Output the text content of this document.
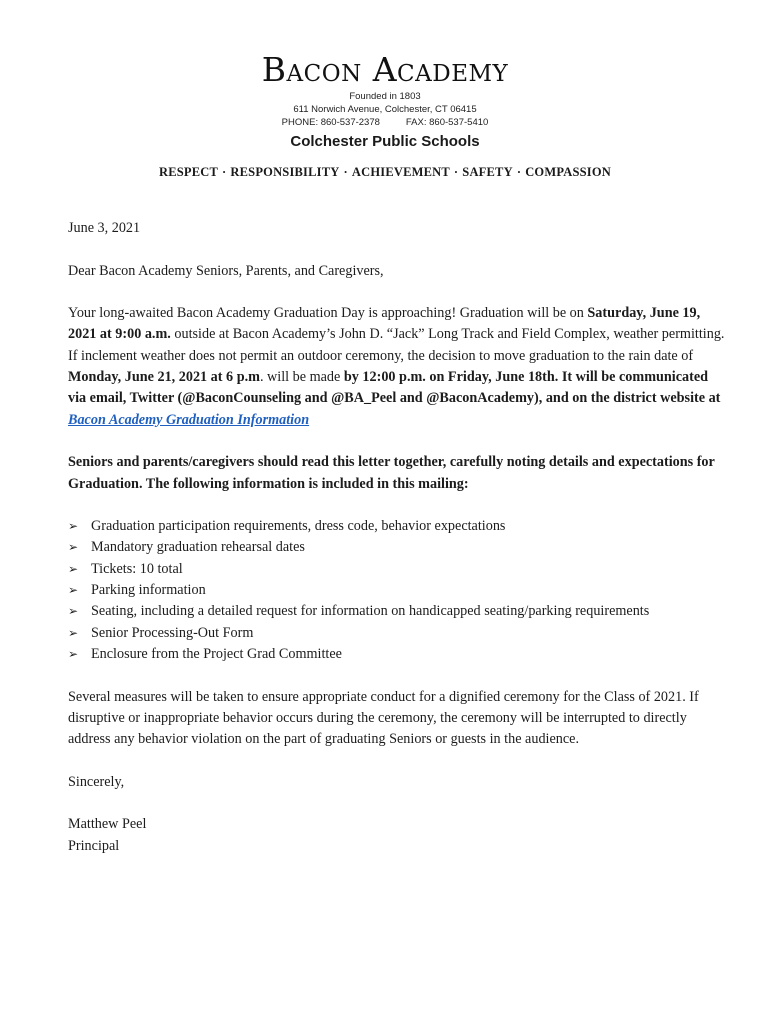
Bacon Academy
Founded in 1803
611 Norwich Avenue, Colchester, CT 06415
PHONE: 860-537-2378	FAX: 860-537-5410
Colchester Public Schools
RESPECT · RESPONSIBILITY · ACHIEVEMENT · SAFETY · COMPASSION

June 3, 2021

Dear Bacon Academy Seniors, Parents, and Caregivers,

Your long-awaited Bacon Academy Graduation Day is approaching! Graduation will be on Saturday, June 19, 2021 at 9:00 a.m. outside at Bacon Academy’s John D. “Jack” Long Track and Field Complex, weather permitting. If inclement weather does not permit an outdoor ceremony, the decision to move graduation to the rain date of Monday, June 21, 2021 at 6 p.m. will be made by 12:00 p.m. on Friday, June 18th. It will be communicated via email, Twitter (@BaconCounseling and @BA_Peel and @BaconAcademy), and on the district website at Bacon Academy Graduation Information

Seniors and parents/caregivers should read this letter together, carefully noting details and expectations for Graduation. The following information is included in this mailing:

➢ Graduation participation requirements, dress code, behavior expectations
➢ Mandatory graduation rehearsal dates
➢ Tickets: 10 total
➢ Parking information
➢ Seating, including a detailed request for information on handicapped seating/parking requirements
➢ Senior Processing-Out Form
➢ Enclosure from the Project Grad Committee

Several measures will be taken to ensure appropriate conduct for a dignified ceremony for the Class of 2021. If disruptive or inappropriate behavior occurs during the ceremony, the ceremony will be interrupted to directly address any behavior violation on the part of graduating Seniors or guests in the audience.

Sincerely,

Matthew Peel

Principal
